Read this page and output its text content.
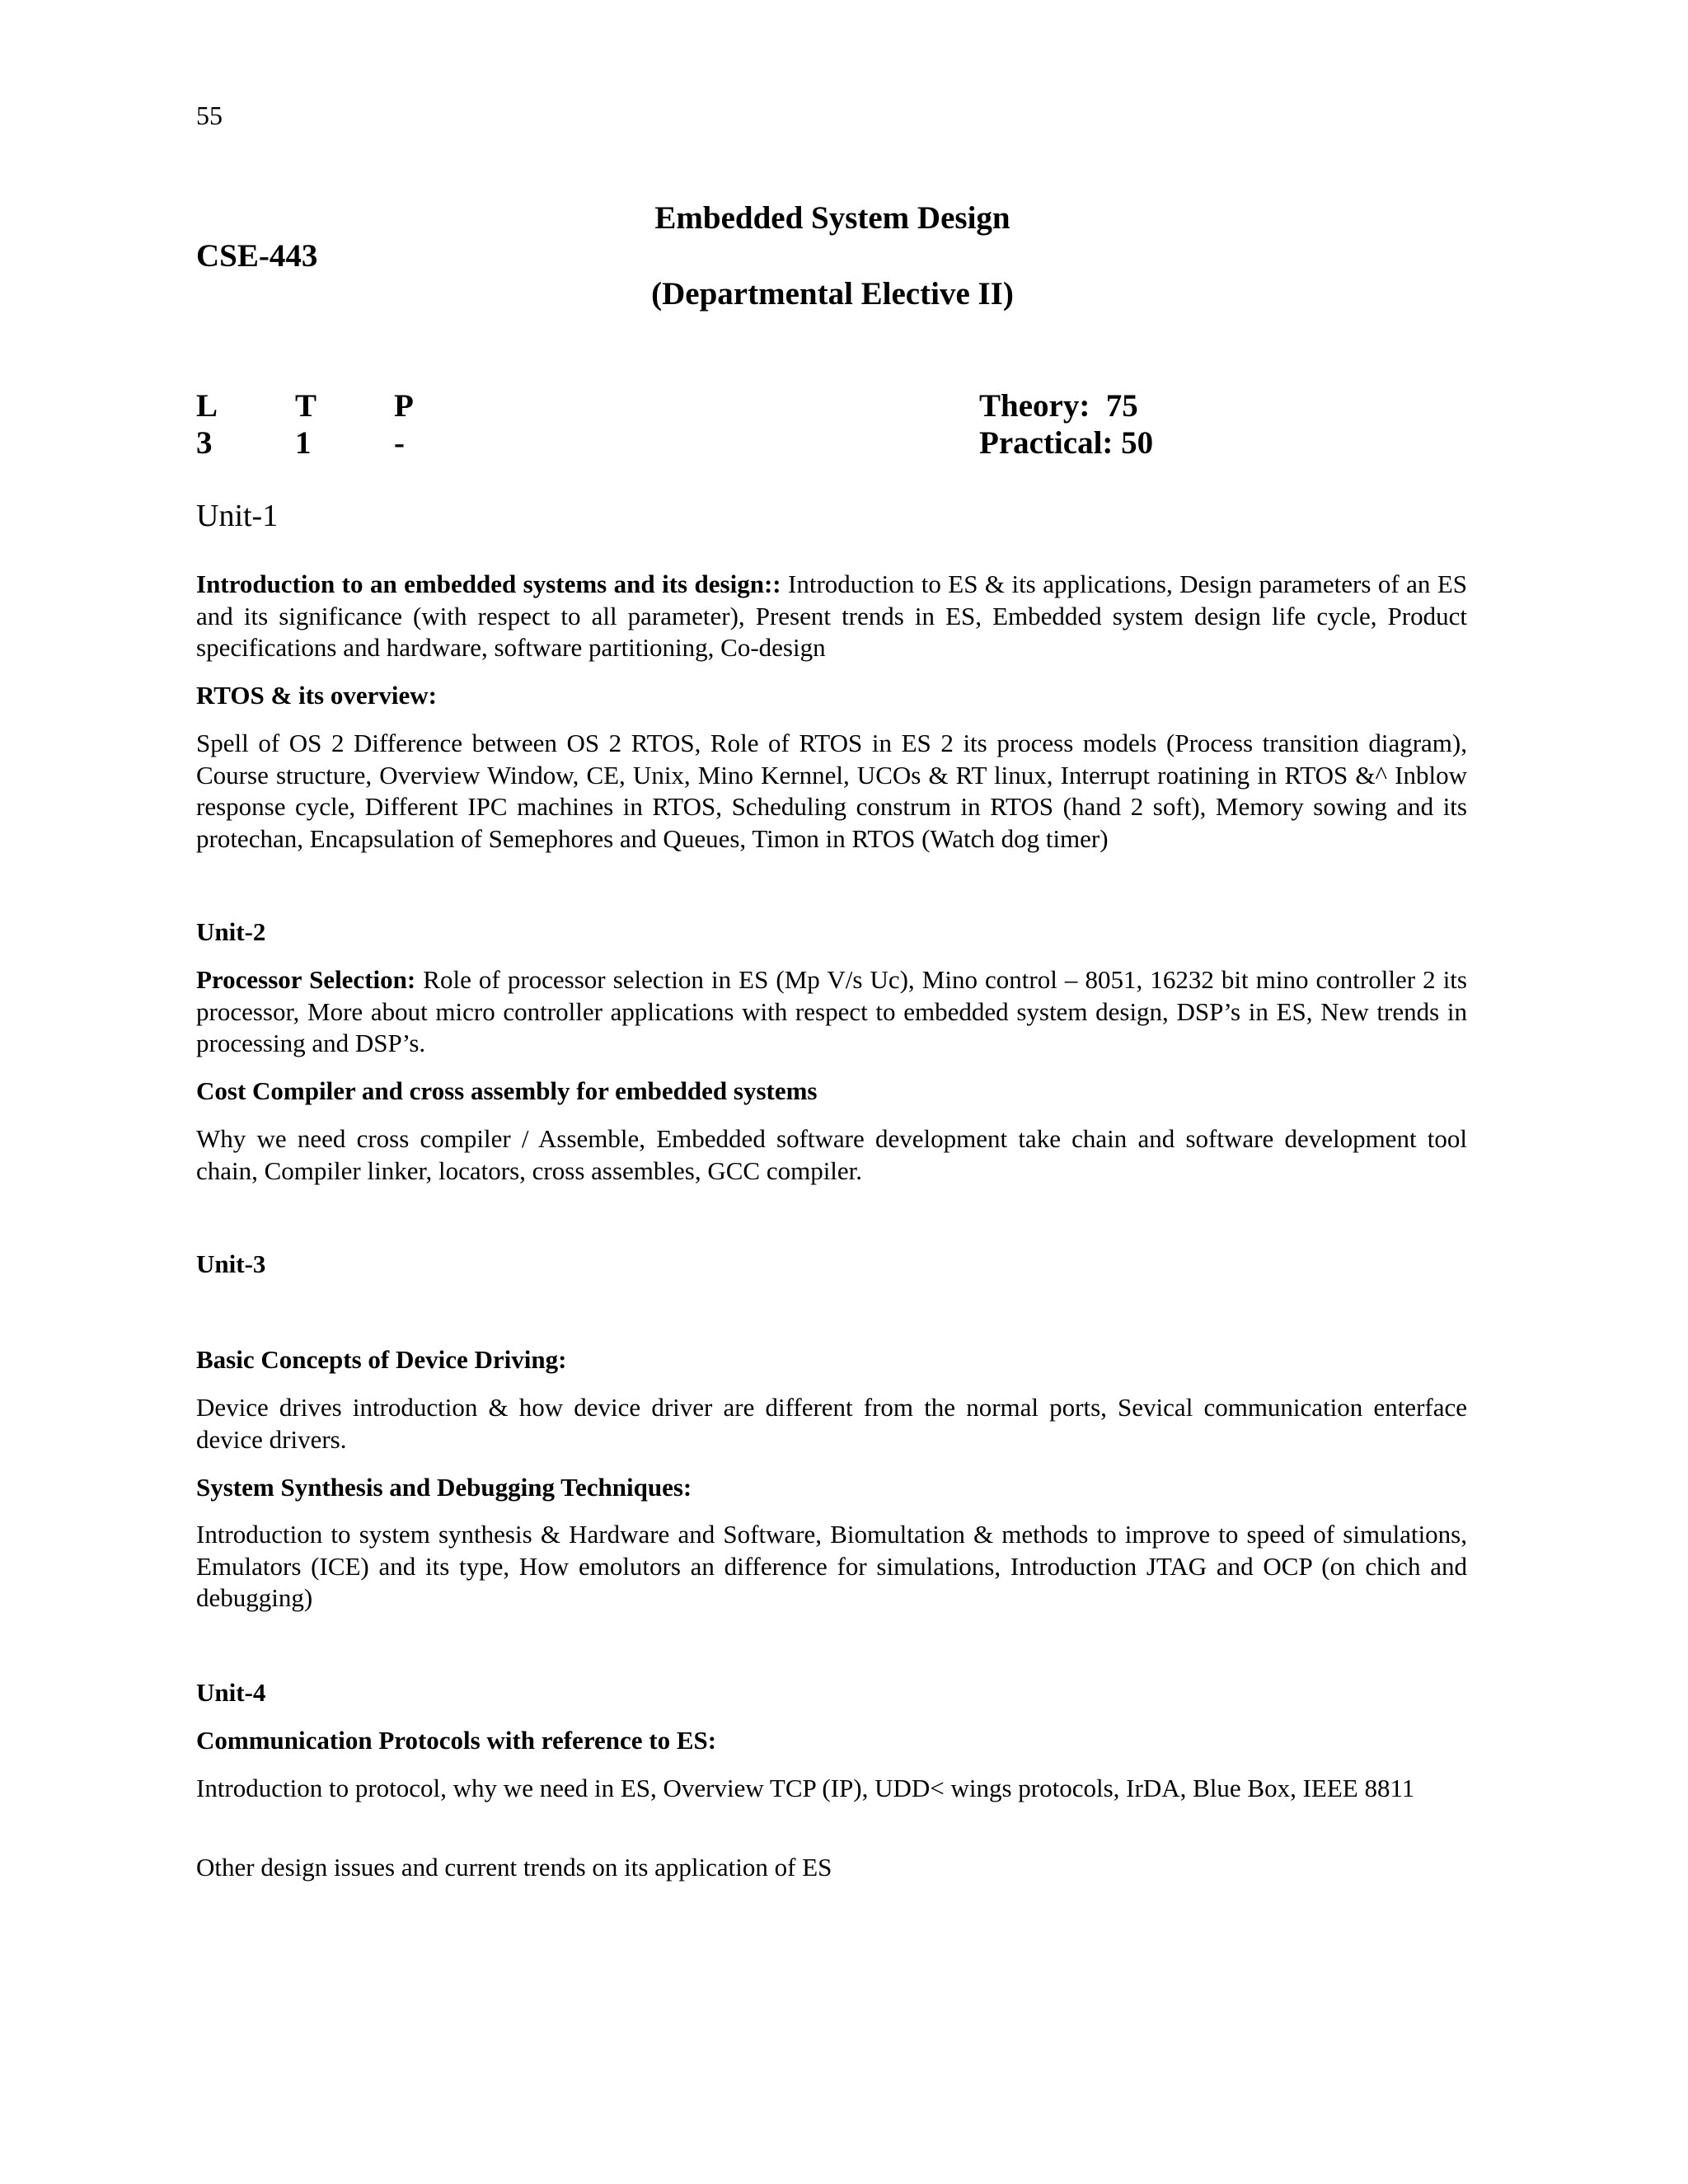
55
Embedded System Design
CSE-443
(Departmental Elective II)
L T P
3	1	-
Theory:  75
Practical: 50
Unit-1

Introduction to an embedded systems and its design:: Introduction to ES & its applications, Design parameters of an ES and its significance (with respect to all parameter), Present trends in ES, Embedded system design life cycle, Product specifications and hardware, software partitioning, Co-design

RTOS & its overview:
Spell of OS 2 Difference between OS 2 RTOS, Role of RTOS in ES 2 its process models (Process transition diagram), Course structure, Overview Window, CE, Unix, Mino Kernnel, UCOs & RT linux, Interrupt roatining in RTOS &^ Inblow response cycle, Different IPC machines in RTOS, Scheduling construm in RTOS (hand 2 soft), Memory sowing and its protechan, Encapsulation of Semephores and Queues, Timon in RTOS (Watch dog timer)
Unit-2

Processor Selection: Role of processor selection in ES (Mp V/s Uc), Mino control – 8051, 16232 bit mino controller 2 its processor, More about micro controller applications with respect to embedded system design, DSP’s in ES, New trends in processing and DSP’s.

Cost Compiler and cross assembly for embedded systems
Why we need cross compiler / Assemble, Embedded software development take chain and software development tool chain, Compiler linker, locators, cross assembles, GCC compiler.
Unit-3
Basic Concepts of Device Driving:
Device drives introduction & how device driver are different from the normal ports, Sevical communication enterface device drivers.
System Synthesis and Debugging Techniques:
Introduction to system synthesis & Hardware and Software, Biomultation & methods to improve to speed of simulations, Emulators (ICE) and its type, How emolutors an difference for simulations, Introduction JTAG and OCP (on chich and debugging)
Unit-4
Communication Protocols with reference to ES:
Introduction to protocol, why we need in ES, Overview TCP (IP), UDD< wings protocols, IrDA, Blue Box, IEEE 8811
Other design issues and current trends on its application of ES
